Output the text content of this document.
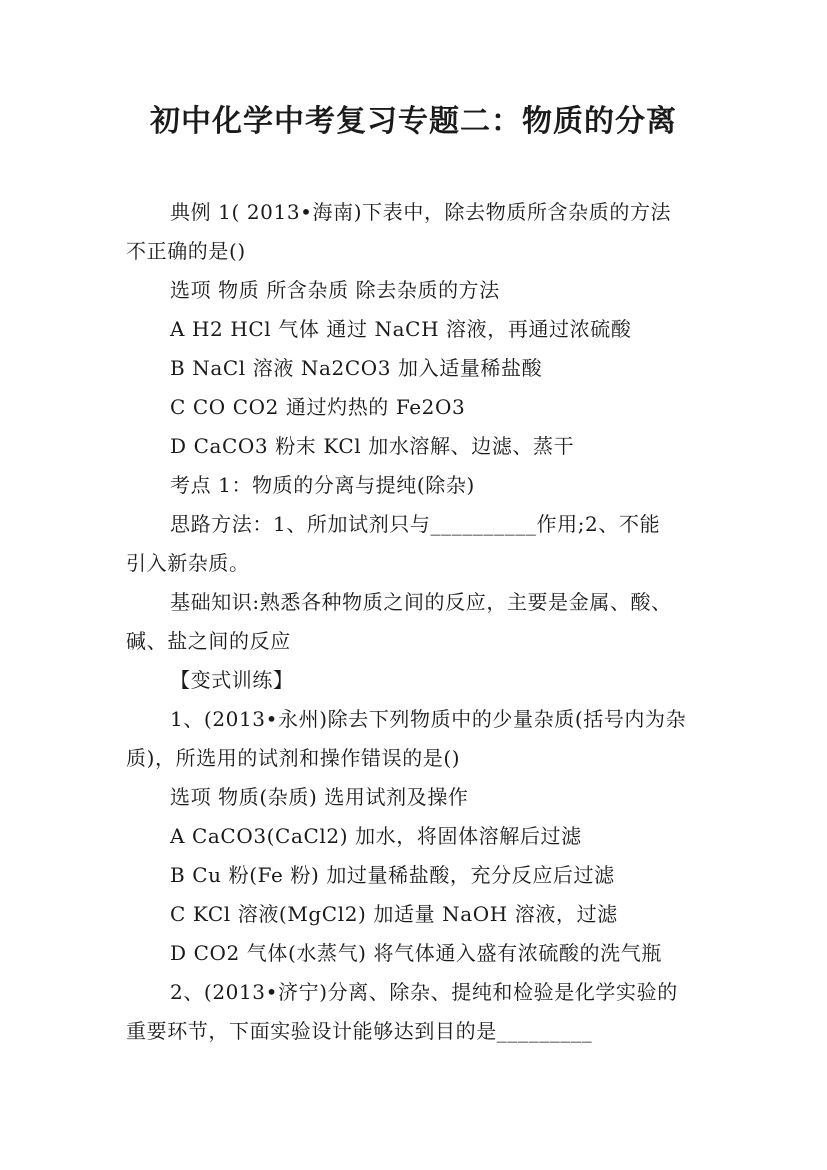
初中化学中考复习专题二：物质的分离
典例 1( 2013•海南)下表中，除去物质所含杂质的方法
不正确的是()
选项 物质 所含杂质 除去杂质的方法
A H2 HCl 气体 通过 NaCH 溶液，再通过浓硫酸
B NaCl 溶液 Na2CO3 加入适量稀盐酸
C CO CO2 通过灼热的 Fe2O3
D CaCO3 粉末 KCl 加水溶解、边滤、蒸干
考点 1：物质的分离与提纯(除杂)
思路方法：1、所加试剂只与__________作用;2、不能
引入新杂质。
基础知识:熟悉各种物质之间的反应，主要是金属、酸、
碱、盐之间的反应
【变式训练】
1、(2013•永州)除去下列物质中的少量杂质(括号内为杂
质)，所选用的试剂和操作错误的是()
选项 物质(杂质) 选用试剂及操作
A CaCO3(CaCl2) 加水，将固体溶解后过滤
B Cu 粉(Fe 粉) 加过量稀盐酸，充分反应后过滤
C KCl 溶液(MgCl2) 加适量 NaOH 溶液，过滤
D CO2 气体(水蒸气) 将气体通入盛有浓硫酸的洗气瓶
2、(2013•济宁)分离、除杂、提纯和检验是化学实验的
重要环节，下面实验设计能够达到目的是_________
